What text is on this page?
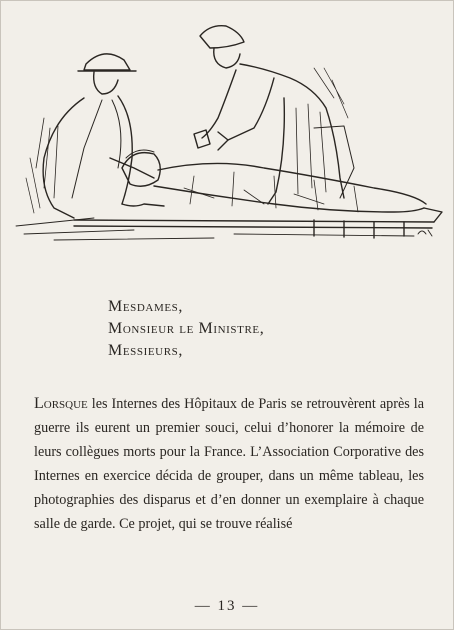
Mesdames,
Monsieur le Ministre,
Messieurs,

Lorsque les Internes des Hôpitaux de Paris se retrouvèrent après la guerre ils eurent un premier souci, celui d’honorer la mémoire de leurs collègues morts pour la France. L’Association Corporative des Internes en exercice décida de grouper, dans un même tableau, les photographies des disparus et d’en donner un exemplaire à chaque salle de garde. Ce projet, qui se trouve réalisé

— 13 —
